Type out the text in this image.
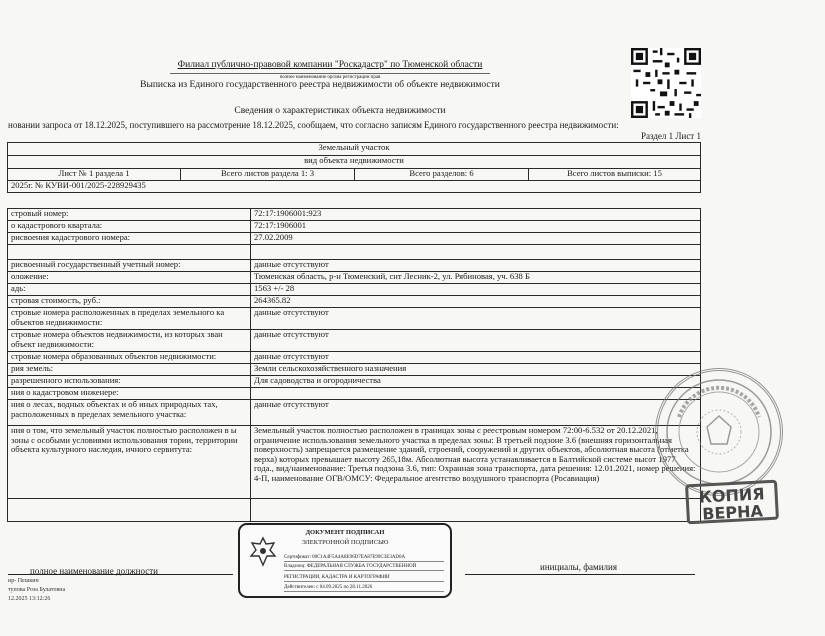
Филиал публично-правовой компании "Роскадастр" по Тюменской области
полное наименование органа регистрации прав
Выписка из Единого государственного реестра недвижимости об объекте недвижимости
Сведения о характеристиках объекта недвижимости
новании запроса от 18.12.2025, поступившего на рассмотрение 18.12.2025, сообщаем, что согласно записям Единого государственного реестра недвижимости:
Раздел 1 Лист 1
Земельный участок
вид объекта недвижимости
Лист № 1 раздела 1	Всего листов раздела 1: 3	Всего разделов: 6	Всего листов выписки: 15
2025г. № КУВИ-001/2025-228929435
стровый номер:	72:17:1906001:923
о кадастрового квартала:	72:17:1906001
рисвоения кадастрового номера:	27.02.2009
рисвоенный государственный учетный номер:	данные отсутствуют
оложение:	Тюменская область, р-н Тюменский, снт Лесник-2, ул. Рябиновая, уч. 638 Б
адь:	1563 +/- 28
стровая стоимость, руб.:	264365.82
стровые номера расположенных в пределах земельного ка объектов недвижимости:
данные отсутствуют
стровые номера объектов недвижимости, из которых зван объект недвижимости:
данные отсутствуют
стровые номера образованных объектов недвижимости:	данные отсутствуют
рия земель:	Земли сельскохозяйственного назначения
разрешенного использования:	Для садоводства и огородничества
ния о кадастровом инженере:
ния о лесах, водных объектах и об иных природных тах, расположенных в пределах земельного участка:
данные отсутствуют
ния о том, что земельный участок полностью расположен в ы зоны с особыми условиями использования тории, территории объекта культурного наследия, ичного сервитута:
Земельный участок полностью расположен в границах зоны с реестровым номером 72:00-6.532 от 20.12.2021, ограничение использования земельного участка в пределах зоны: В третьей подзоне 3.6 (внешняя горизонтальная поверхность) запрещается размещение зданий, строений, сооружений и других объектов, абсолютная высота (отметка верха) которых превышает высоту 265,18м. Абсолютная высота устанавливается в Балтийской системе высот 1977 года., вид/наименование: Третья подзона 3.6, тип: Охранная зона транспорта, дата решения: 12.01.2021, номер решения: 4-П, наименование ОГВ/ОМСУ: Федеральное агентство воздушного транспорта (Росавиация)
КОПИЯ
ВЕРНА
ДОКУМЕНТ ПОДПИСАН
ЭЛЕКТРОННОЙ ПОДПИСЬЮ
Сертификат: 00C1A4F5A4A8E96D7EA87E99C3E3AD0A
Владелец: ФЕДЕРАЛЬНАЯ СЛУЖБА ГОСУДАРСТВЕННОЙ
РЕГИСТРАЦИИ, КАДАСТРА И КАРТОГРАФИИ
Действителен: с 04.09.2025 по 28.11.2026
полное наименование должности	инициалы, фамилия
ир- Пешкин
тупова Роза Булатовна
12.2025 13:12:26
